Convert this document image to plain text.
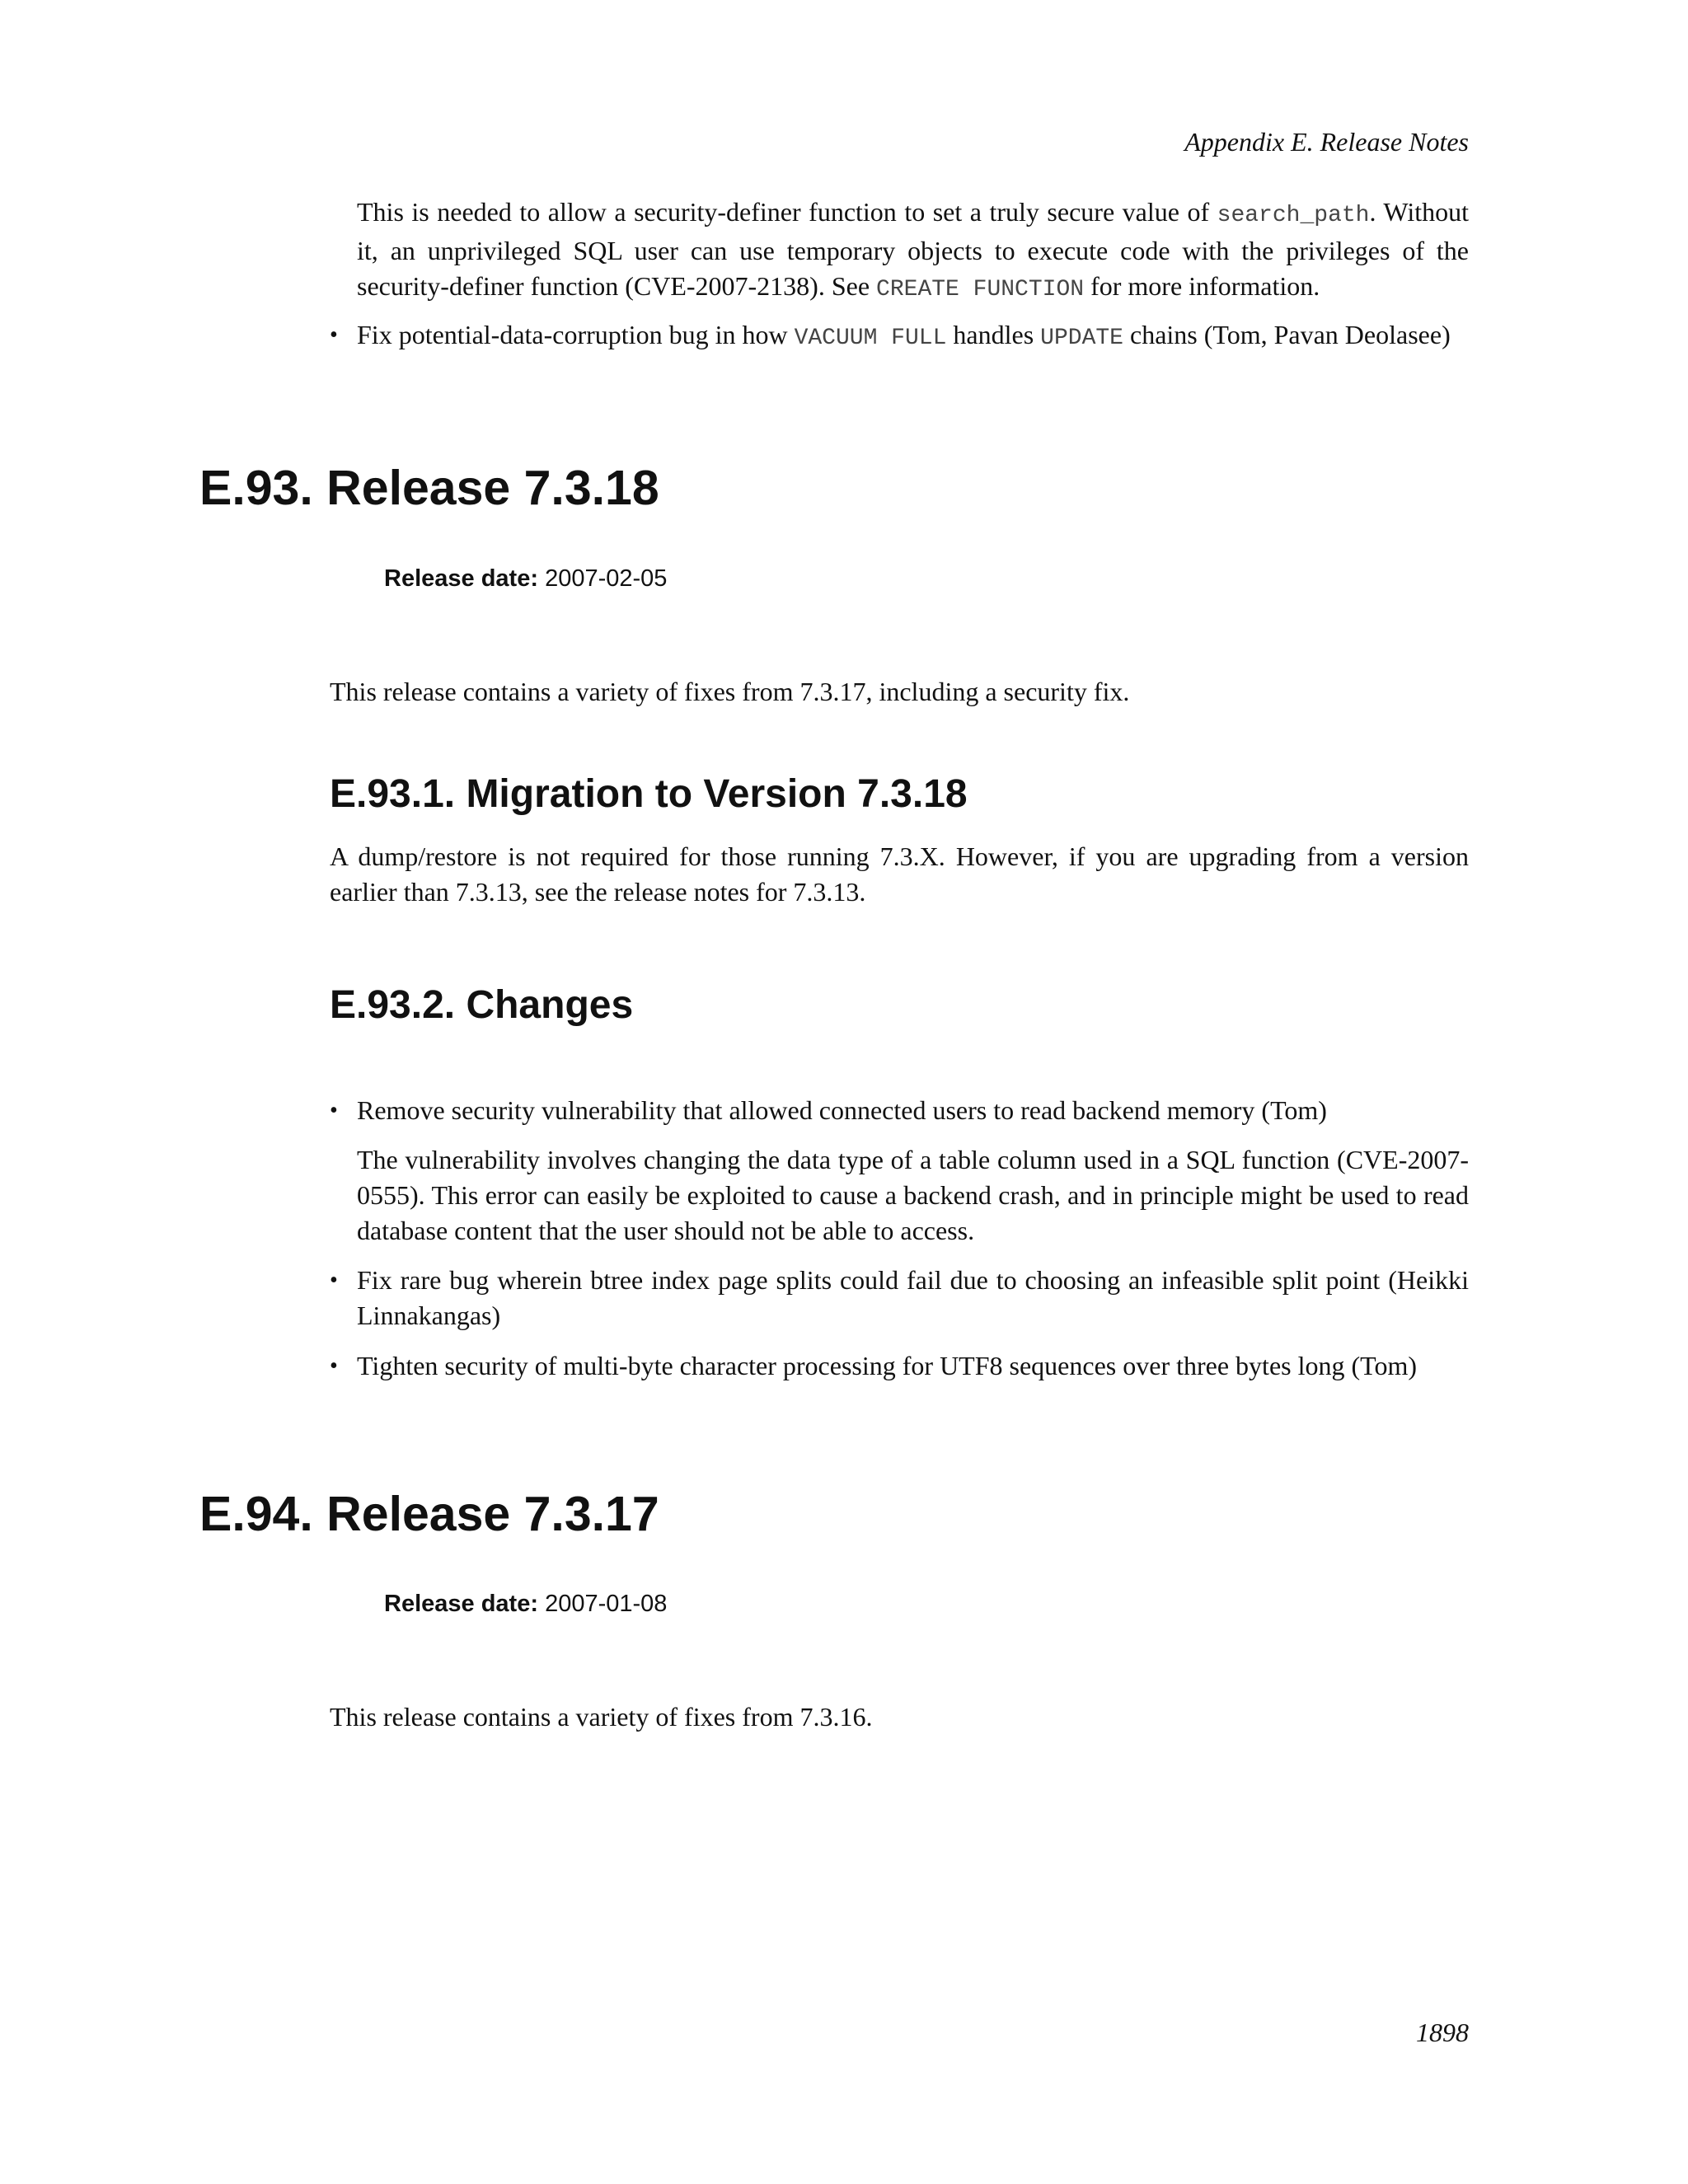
Appendix E. Release Notes

This is needed to allow a security-definer function to set a truly secure value of search_path. Without it, an unprivileged SQL user can use temporary objects to execute code with the privileges of the security-definer function (CVE-2007-2138). See CREATE FUNCTION for more information.

• Fix potential-data-corruption bug in how VACUUM FULL handles UPDATE chains (Tom, Pavan Deolasee)

E.93. Release 7.3.18
Release date: 2007-02-05

This release contains a variety of fixes from 7.3.17, including a security fix.

E.93.1. Migration to Version 7.3.18

A dump/restore is not required for those running 7.3.X. However, if you are upgrading from a version earlier than 7.3.13, see the release notes for 7.3.13.

E.93.2. Changes
• Remove security vulnerability that allowed connected users to read backend memory (Tom)

The vulnerability involves changing the data type of a table column used in a SQL function (CVE-2007-0555). This error can easily be exploited to cause a backend crash, and in principle might be used to read database content that the user should not be able to access.

• Fix rare bug wherein btree index page splits could fail due to choosing an infeasible split point (Heikki Linnakangas)

• Tighten security of multi-byte character processing for UTF8 sequences over three bytes long (Tom)

E.94. Release 7.3.17
Release date: 2007-01-08

This release contains a variety of fixes from 7.3.16.

1898
